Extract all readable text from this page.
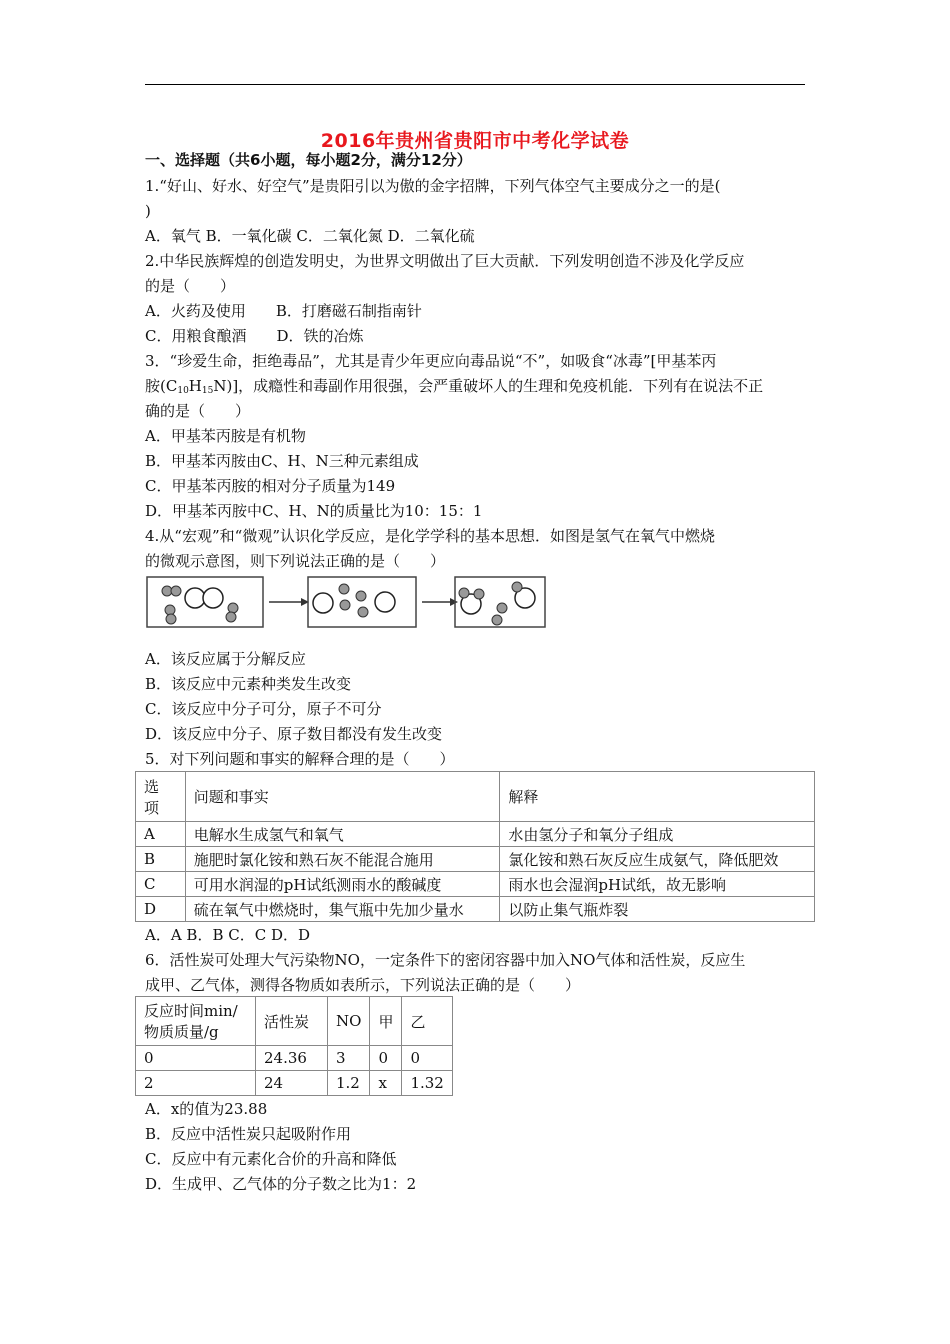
2016年贵州省贵阳市中考化学试卷
一、选择题（共6小题，每小题2分，满分12分）
1.“好山、好水、好空气”是贵阳引以为傲的金字招牌，下列气体空气主要成分之一的是(
)
A．氧气 B．一氧化碳 C．二氧化氮 D．二氧化硫
2.中华民族辉煌的创造发明史，为世界文明做出了巨大贡献．下列发明创造不涉及化学反应
的是（　　）
A．火药及使用 B．打磨磁石制指南针
C．用粮食酿酒 D．铁的冶炼
3．“珍爱生命，拒绝毒品”，尤其是青少年更应向毒品说“不”，如吸食“冰毒”[甲基苯丙
胺$(C_{10}H_{15}N)$]，成瘾性和毒副作用很强，会严重破坏人的生理和免疫机能．下列有在说法不正
确的是（　　）
A．甲基苯丙胺是有机物
B．甲基苯丙胺由C、H、N三种元素组成
C．甲基苯丙胺的相对分子质量为149
D．甲基苯丙胺中C、H、N的质量比为10：15：1
4.从“宏观”和“微观”认识化学反应，是化学学科的基本思想．如图是氢气在氧气中燃烧
的微观示意图，则下列说法正确的是（　　）
A．该反应属于分解反应
B．该反应中元素种类发生改变
C．该反应中分子可分，原子不可分
D．该反应中分子、原子数目都没有发生改变
5．对下列问题和事实的解释合理的是（　　）
选
项	问题和事实	解释
A	电解水生成氢气和氧气	水由氢分子和氧分子组成
B	施肥时氯化铵和熟石灰不能混合施用	氯化铵和熟石灰反应生成氨气，降低肥效
C	可用水润湿的pH试纸测雨水的酸碱度	雨水也会湿润pH试纸，故无影响
D	硫在氧气中燃烧时，集气瓶中先加少量水	以防止集气瓶炸裂
A．A B．B C．C D．D
6．活性炭可处理大气污染物NO，一定条件下的密闭容器中加入NO气体和活性炭，反应生
成甲、乙气体，测得各物质如表所示，下列说法正确的是（　　）
反应时间min/
物质质量/g	活性炭	NO	甲	乙
0	24.36	3	0	0
2	24	1.2	x	1.32
A．x的值为23.88
B．反应中活性炭只起吸附作用
C．反应中有元素化合价的升高和降低
D．生成甲、乙气体的分子数之比为1：2
